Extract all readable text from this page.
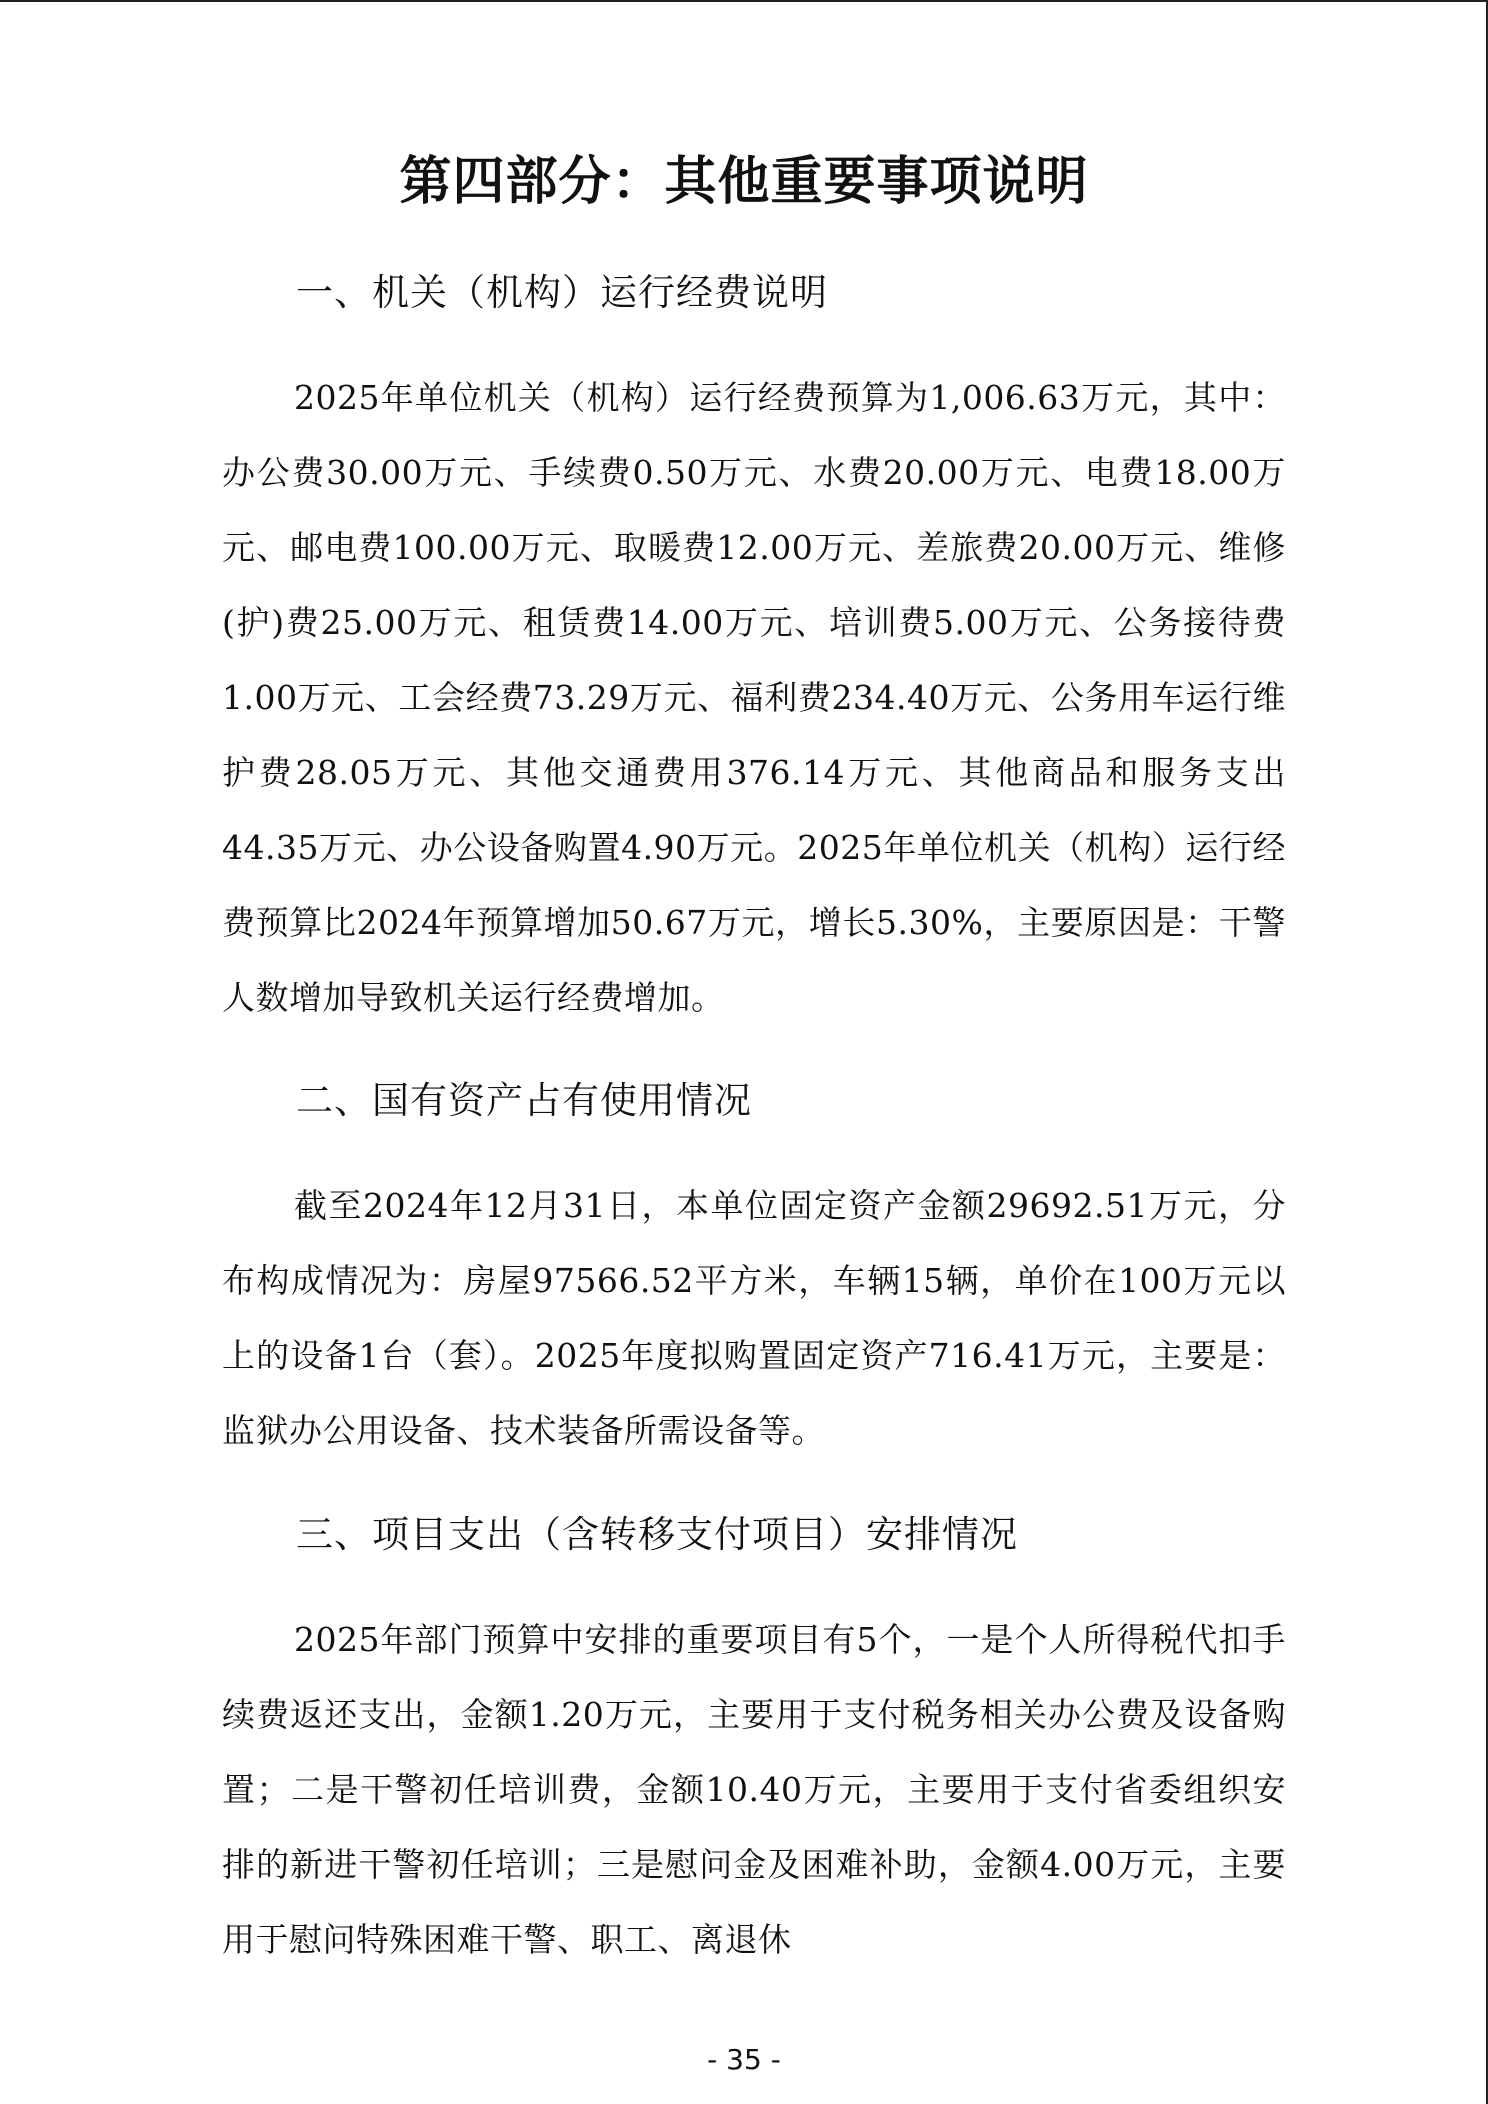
第四部分：其他重要事项说明
一、机关（机构）运行经费说明

2025年单位机关（机构）运行经费预算为1,006.63万元，其中：办公费30.00万元、手续费0.50万元、水费20.00万元、电费18.00万元、邮电费100.00万元、取暖费12.00万元、差旅费20.00万元、维修(护)费25.00万元、租赁费14.00万元、培训费5.00万元、公务接待费1.00万元、工会经费73.29万元、福利费234.40万元、公务用车运行维护费28.05万元、其他交通费用376.14万元、其他商品和服务支出44.35万元、办公设备购置4.90万元。2025年单位机关（机构）运行经费预算比2024年预算增加50.67万元，增长5.30%，主要原因是：干警人数增加导致机关运行经费增加。

二、国有资产占有使用情况

截至2024年12月31日，本单位固定资产金额29692.51万元，分布构成情况为：房屋97566.52平方米，车辆15辆，单价在100万元以上的设备1台（套）。2025年度拟购置固定资产716.41万元，主要是：监狱办公用设备、技术装备所需设备等。

三、项目支出（含转移支付项目）安排情况

2025年部门预算中安排的重要项目有5个，一是个人所得税代扣手续费返还支出，金额1.20万元，主要用于支付税务相关办公费及设备购置；二是干警初任培训费，金额10.40万元，主要用于支付省委组织安排的新进干警初任培训；三是慰问金及困难补助，金额4.00万元，主要用于慰问特殊困难干警、职工、离退休

- 35 -
